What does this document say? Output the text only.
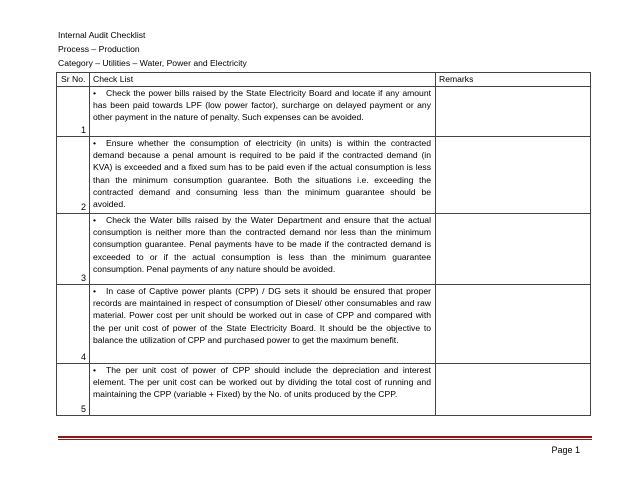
Internal Audit Checklist
Process – Production
Category – Utilities – Water, Power and Electricity
Sr No.	Check List	Remarks
1	• Check the power bills raised by the State Electricity Board and locate if any amount has been paid towards LPF (low power factor), surcharge on delayed payment or any other payment in the nature of penalty. Such expenses can be avoided.	

2	• Ensure whether the consumption of electricity (in units) is within the contracted demand because a penal amount is required to be paid if the contracted demand (in KVA) is exceeded and a fixed sum has to be paid even if the actual consumption is less than the minimum consumption guarantee. Both the situations i.e. exceeding the contracted demand and consuming less than the minimum guarantee should be avoided.	

3	• Check the Water bills raised by the Water Department and ensure that the actual consumption is neither more than the contracted demand nor less than the minimum consumption guarantee. Penal payments have to be made if the contracted demand is exceeded to or if the actual consumption is less than the minimum guarantee consumption. Penal payments of any nature should be avoided.	

4	• In case of Captive power plants (CPP) / DG sets it should be ensured that proper records are maintained in respect of consumption of Diesel/ other consumables and raw material. Power cost per unit should be worked out in case of CPP and compared with the per unit cost of power of the State Electricity Board. It should be the objective to balance the utilization of CPP and purchased power to get the maximum benefit.	

5	• The per unit cost of power of CPP should include the depreciation and interest element. The per unit cost can be worked out by dividing the total cost of running and maintaining the CPP (variable + Fixed) by the No. of units produced by the CPP.	

Page 1
